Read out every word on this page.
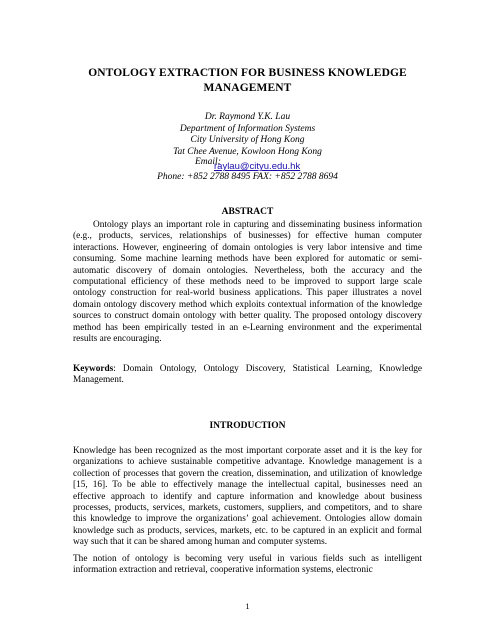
ONTOLOGY EXTRACTION FOR BUSINESS KNOWLEDGE
MANAGEMENT
Dr. Raymond Y.K. Lau
Department of Information Systems
City University of Hong Kong
Tat Chee Avenue, Kowloon Hong Kong
Email:
raylau@cityu.edu.hk
Phone: +852 2788 8495 FAX: +852 2788 8694
ABSTRACT

Ontology plays an important role in capturing and disseminating business information (e.g., products, services, relationships of businesses) for effective human computer interactions. However, engineering of domain ontologies is very labor intensive and time consuming. Some machine learning methods have been explored for automatic or semi-automatic discovery of domain ontologies. Nevertheless, both the accuracy and the computational efficiency of these methods need to be improved to support large scale ontology construction for real-world business applications. This paper illustrates a novel domain ontology discovery method which exploits contextual information of the knowledge sources to construct domain ontology with better quality. The proposed ontology discovery method has been empirically tested in an e-Learning environment and the experimental results are encouraging.

Keywords: Domain Ontology, Ontology Discovery, Statistical Learning, Knowledge Management.

INTRODUCTION

Knowledge has been recognized as the most important corporate asset and it is the key for organizations to achieve sustainable competitive advantage. Knowledge management is a collection of processes that govern the creation, dissemination, and utilization of knowledge [15, 16]. To be able to effectively manage the intellectual capital, businesses need an effective approach to identify and capture information and knowledge about business processes, products, services, markets, customers, suppliers, and competitors, and to share this knowledge to improve the organizations’ goal achievement. Ontologies allow domain knowledge such as products, services, markets, etc. to be captured in an explicit and formal way such that it can be shared among human and computer systems.

The notion of ontology is becoming very useful in various fields such as intelligent information extraction and retrieval, cooperative information systems, electronic

1
